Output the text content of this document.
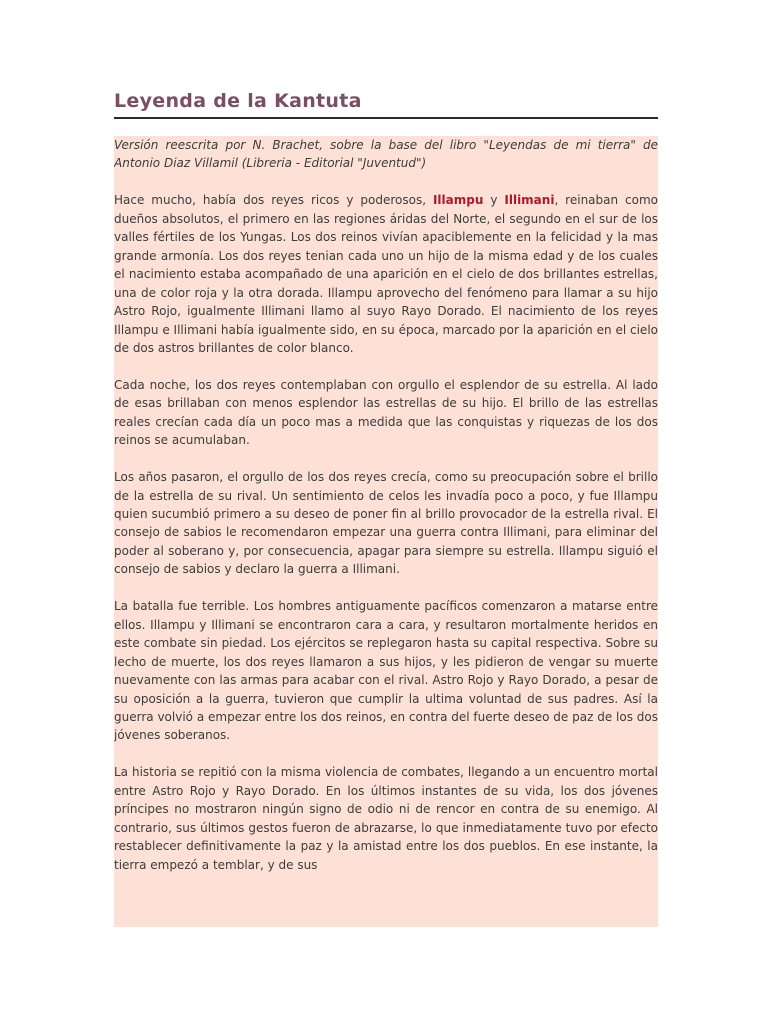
Leyenda de la Kantuta

Versión reescrita por N. Brachet, sobre la base del libro "Leyendas de mi tierra" de Antonio Diaz Villamil (Libreria - Editorial "Juventud")

Hace mucho, había dos reyes ricos y poderosos, Illampu y Illimani, reinaban como dueños absolutos, el primero en las regiones áridas del Norte, el segundo en el sur de los valles fértiles de los Yungas. Los dos reinos vivían apaciblemente en la felicidad y la mas grande armonía. Los dos reyes tenian cada uno un hijo de la misma edad y de los cuales el nacimiento estaba acompañado de una aparición en el cielo de dos brillantes estrellas, una de color roja y la otra dorada. Illampu aprovecho del fenómeno para llamar a su hijo Astro Rojo, igualmente Illimani llamo al suyo Rayo Dorado. El nacimiento de los reyes Illampu e Illimani había igualmente sido, en su época, marcado por la aparición en el cielo de dos astros brillantes de color blanco.

Cada noche, los dos reyes contemplaban con orgullo el esplendor de su estrella. Al lado de esas brillaban con menos esplendor las estrellas de su hijo. El brillo de las estrellas reales crecían cada día un poco mas a medida que las conquistas y riquezas de los dos reinos se acumulaban.

Los años pasaron, el orgullo de los dos reyes crecía, como su preocupación sobre el brillo de la estrella de su rival. Un sentimiento de celos les invadía poco a poco, y fue Illampu quien sucumbió primero a su deseo de poner fin al brillo provocador de la estrella rival. El consejo de sabios le recomendaron empezar una guerra contra Illimani, para eliminar del poder al soberano y, por consecuencia, apagar para siempre su estrella. Illampu siguió el consejo de sabios y declaro la guerra a Illimani.

La batalla fue terrible. Los hombres antiguamente pacíficos comenzaron a matarse entre ellos. Illampu y Illimani se encontraron cara a cara, y resultaron mortalmente heridos en este combate sin piedad. Los ejércitos se replegaron hasta su capital respectiva. Sobre su lecho de muerte, los dos reyes llamaron a sus hijos, y les pidieron de vengar su muerte nuevamente con las armas para acabar con el rival. Astro Rojo y Rayo Dorado, a pesar de su oposición a la guerra, tuvieron que cumplir la ultima voluntad de sus padres. Así la guerra volvió a empezar entre los dos reinos, en contra del fuerte deseo de paz de los dos jóvenes soberanos.

La historia se repitió con la misma violencia de combates, llegando a un encuentro mortal entre Astro Rojo y Rayo Dorado. En los últimos instantes de su vida, los dos jóvenes príncipes no mostraron ningún signo de odio ni de rencor en contra de su enemigo. Al contrario, sus últimos gestos fueron de abrazarse, lo que inmediatamente tuvo por efecto restablecer definitivamente la paz y la amistad entre los dos pueblos. En ese instante, la tierra empezó a temblar, y de sus
